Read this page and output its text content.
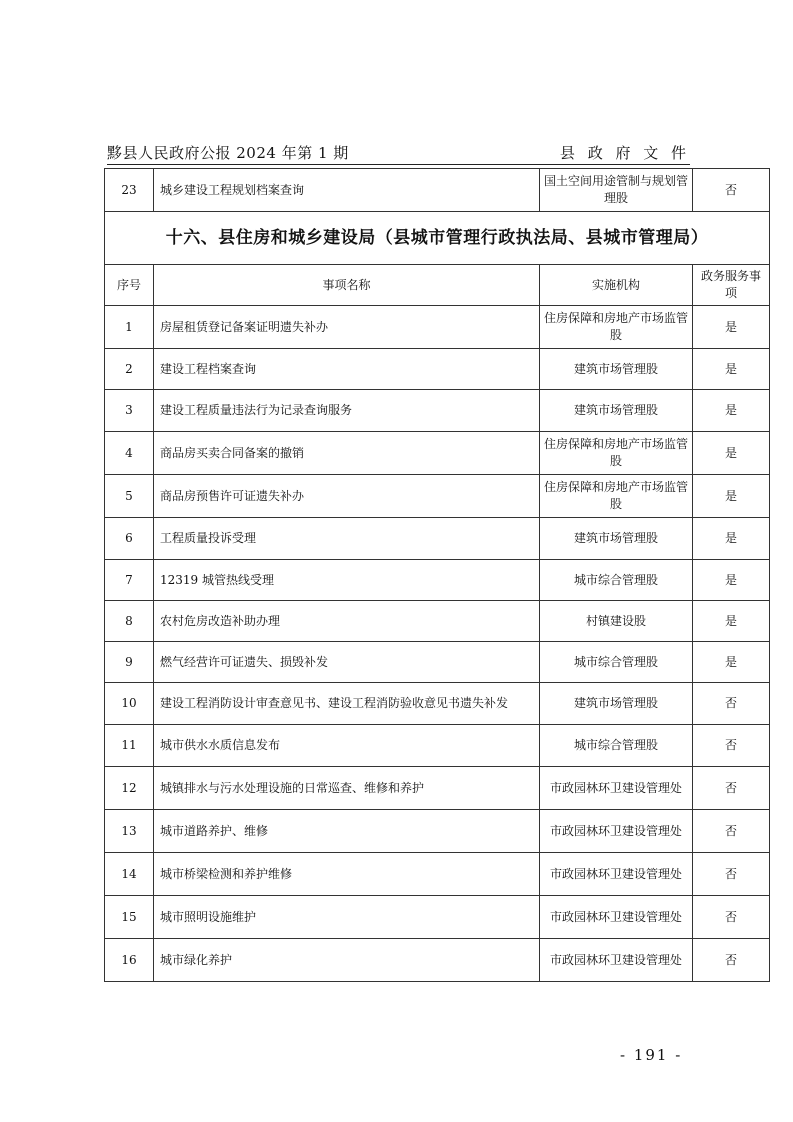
黟县人民政府公报 2024 年第 1 期	县 政 府 文 件
23	城乡建设工程规划档案查询	国土空间用途管制与规划管理股	否
十六、县住房和城乡建设局（县城市管理行政执法局、县城市管理局）			
序号	事项名称	实施机构	政务服务事项
1	房屋租赁登记备案证明遗失补办	住房保障和房地产市场监管股	是
2	建设工程档案查询	建筑市场管理股	是
3	建设工程质量违法行为记录查询服务	建筑市场管理股	是
4	商品房买卖合同备案的撤销	住房保障和房地产市场监管股	是
5	商品房预售许可证遗失补办	住房保障和房地产市场监管股	是
6	工程质量投诉受理	建筑市场管理股	是
7	12319 城管热线受理	城市综合管理股	是
8	农村危房改造补助办理	村镇建设股	是
9	燃气经营许可证遗失、损毁补发	城市综合管理股	是
10	建设工程消防设计审查意见书、建设工程消防验收意见书遗失补发	建筑市场管理股	否
11	城市供水水质信息发布	城市综合管理股	否
12	城镇排水与污水处理设施的日常巡查、维修和养护	市政园林环卫建设管理处	否
13	城市道路养护、维修	市政园林环卫建设管理处	否
14	城市桥梁检测和养护维修	市政园林环卫建设管理处	否
15	城市照明设施维护	市政园林环卫建设管理处	否
16	城市绿化养护	市政园林环卫建设管理处	否
- 191 -
